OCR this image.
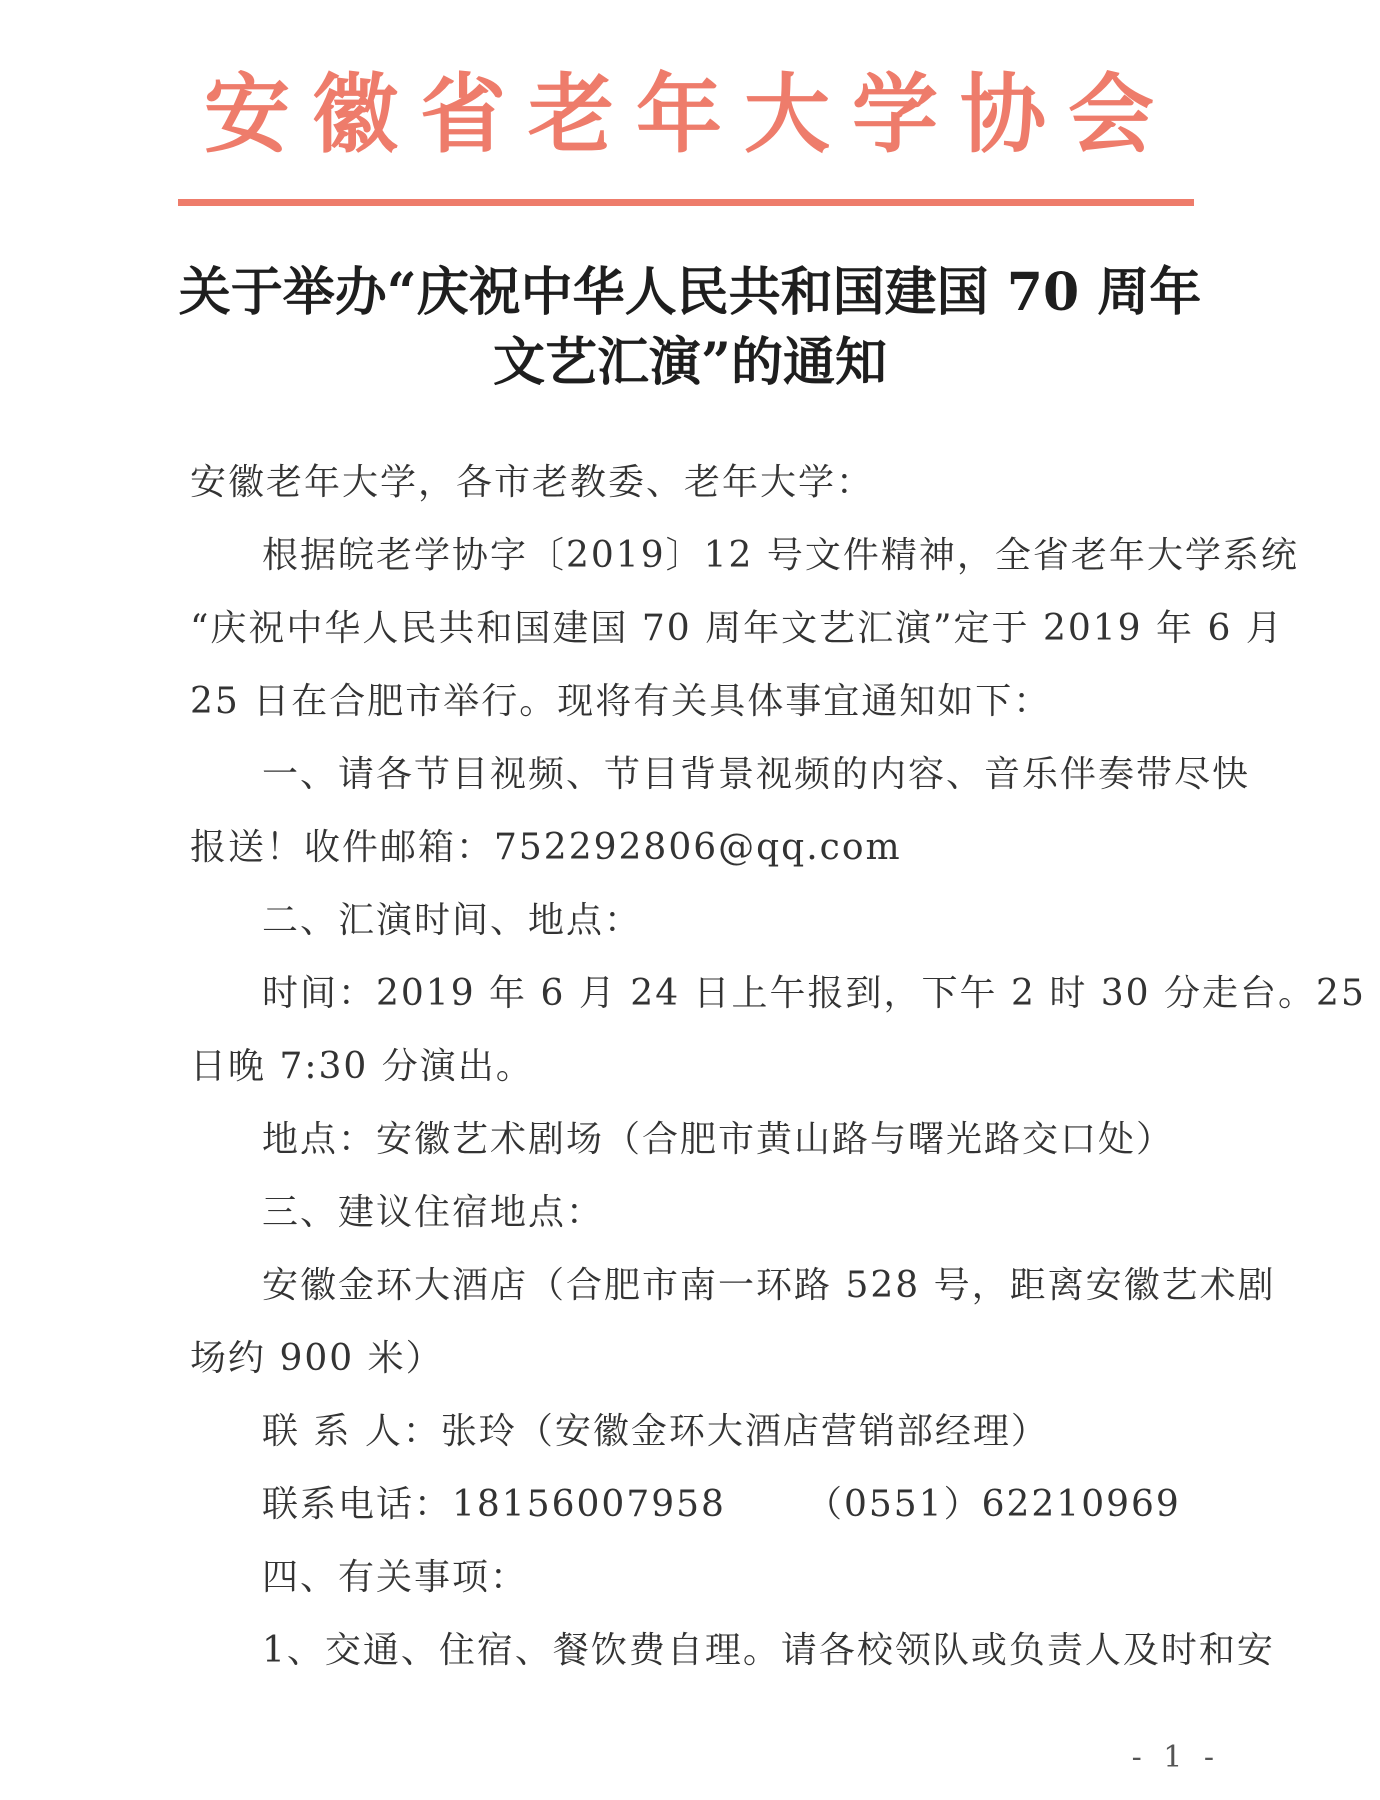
安徽省老年大学协会
关于举办“庆祝中华人民共和国建国 70 周年
文艺汇演”的通知

安徽老年大学，各市老教委、老年大学：

根据皖老学协字〔2019〕12 号文件精神，全省老年大学系统

“庆祝中华人民共和国建国 70 周年文艺汇演”定于 2019 年 6 月

25 日在合肥市举行。现将有关具体事宜通知如下：

一、请各节目视频、节目背景视频的内容、音乐伴奏带尽快

报送！收件邮箱：752292806@qq.com

二、汇演时间、地点：

时间：2019 年 6 月 24 日上午报到，下午 2 时 30 分走台。25

日晚 7:30 分演出。

地点：安徽艺术剧场（合肥市黄山路与曙光路交口处）

三、建议住宿地点：

安徽金环大酒店（合肥市南一环路 528 号，距离安徽艺术剧

场约 900 米）

联 系 人：张玲（安徽金环大酒店营销部经理）

联系电话：18156007958 （0551）62210969

四、有关事项：

1、交通、住宿、餐饮费自理。请各校领队或负责人及时和安

- 1 -
